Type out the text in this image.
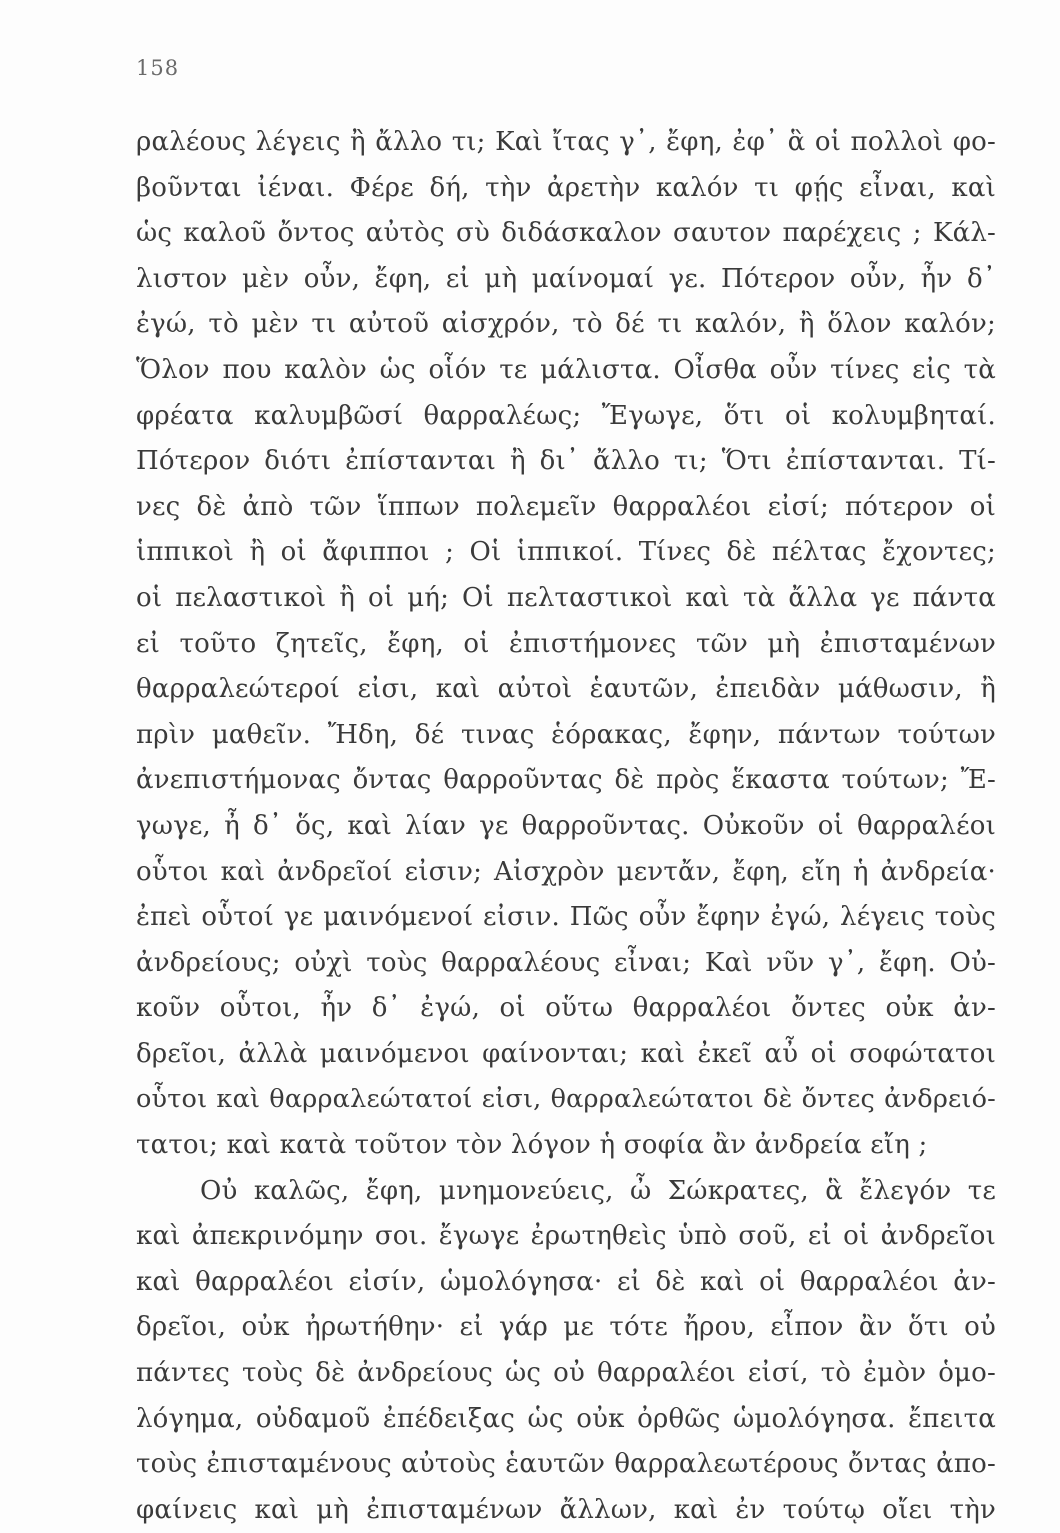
158
ραλέους λέγεις ἢ ἄλλο τι; Καὶ ἴτας γ᾽, ἔφη, ἐφ᾽ ἃ οἱ πολλοὶ φο-
βοῦνται ἰέναι. Φέρε δή, τὴν ἀρετὴν καλόν τι φῄς εἶναι, καὶ
ὡς καλοῦ ὄντος αὐτὸς σὺ διδάσκαλον σαυτον παρέχεις ; Κάλ-
λιστον μὲν οὖν, ἔφη, εἰ μὴ μαίνομαί γε. Πότερον οὖν, ἦν δ᾽
ἐγώ, τὸ μὲν τι αὐτοῦ αἰσχρόν, τὸ δέ τι καλόν, ἢ ὅλον καλόν;
Ὅλον που καλὸν ὡς οἷόν τε μάλιστα. Οἶσθα οὖν τίνες εἰς τὰ
φρέατα καλυμβῶσί θαρραλέως; Ἔγωγε, ὅτι οἱ κολυμβηταί.
Πότερον διότι ἐπίστανται ἢ δι᾽ ἄλλο τι; Ὅτι ἐπίστανται. Τί-
νες δὲ ἀπὸ τῶν ἵππων πολεμεῖν θαρραλέοι εἰσί; πότερον οἱ
ἱππικοὶ ἢ οἱ ἄφιπποι ; Οἱ ἱππικοί. Τίνες δὲ πέλτας ἔχοντες;
οἱ πελαστικοὶ ἢ οἱ μή; Οἱ πελταστικοὶ καὶ τὰ ἄλλα γε πάντα
εἰ τοῦτο ζητεῖς, ἔφη, οἱ ἐπιστήμονες τῶν μὴ ἐπισταμένων
θαρραλεώτεροί εἰσι, καὶ αὐτοὶ ἑαυτῶν, ἐπειδὰν μάθωσιν, ἢ
πρὶν μαθεῖν. Ἤδη, δέ τινας ἑόρακας, ἔφην, πάντων τούτων
ἀνεπιστήμονας ὄντας θαρροῦντας δὲ πρὸς ἕκαστα τούτων; Ἔ-
γωγε, ἦ δ᾽ ὅς, καὶ λίαν γε θαρροῦντας. Οὐκοῦν οἱ θαρραλέοι
οὗτοι καὶ ἀνδρεῖοί εἰσιν; Αἰσχρὸν μεντἄν, ἔφη, εἴη ἡ ἀνδρεία·
ἐπεὶ οὗτοί γε μαινόμενοί εἰσιν. Πῶς οὖν ἔφην ἐγώ, λέγεις τοὺς
ἀνδρείους; οὐχὶ τοὺς θαρραλέους εἶναι; Καὶ νῦν γ᾽, ἔφη. Οὐ-
κοῦν οὗτοι, ἦν δ᾽ ἐγώ, οἱ οὕτω θαρραλέοι ὄντες οὐκ ἀν-
δρεῖοι, ἀλλὰ μαινόμενοι φαίνονται; καὶ ἐκεῖ αὖ οἱ σοφώτατοι
οὗτοι καὶ θαρραλεώτατοί εἰσι, θαρραλεώτατοι δὲ ὄντες ἀνδρειό-
τατοι; καὶ κατὰ τοῦτον τὸν λόγον ἡ σοφία ἂν ἀνδρεία εἴη ;
Οὐ καλῶς, ἔφη, μνημονεύεις, ὦ Σώκρατες, ἃ ἔλεγόν τε
καὶ ἀπεκρινόμην σοι. ἔγωγε ἐρωτηθεὶς ὑπὸ σοῦ, εἰ οἱ ἀνδρεῖοι
καὶ θαρραλέοι εἰσίν, ὡμολόγησα· εἰ δὲ καὶ οἱ θαρραλέοι ἀν-
δρεῖοι, οὐκ ἠρωτήθην· εἰ γάρ με τότε ἤρου, εἶπον ἂν ὅτι οὐ
πάντες τοὺς δὲ ἀνδρείους ὡς οὐ θαρραλέοι εἰσί, τὸ ἐμὸν ὁμο-
λόγημα, οὐδαμοῦ ἐπέδειξας ὡς οὐκ ὀρθῶς ὡμολόγησα. ἔπειτα
τοὺς ἐπισταμένους αὐτοὺς ἑαυτῶν θαρραλεωτέρους ὄντας ἀπο-
φαίνεις καὶ μὴ ἐπισταμένων ἄλλων, καὶ ἐν τούτῳ οἴει τὴν
